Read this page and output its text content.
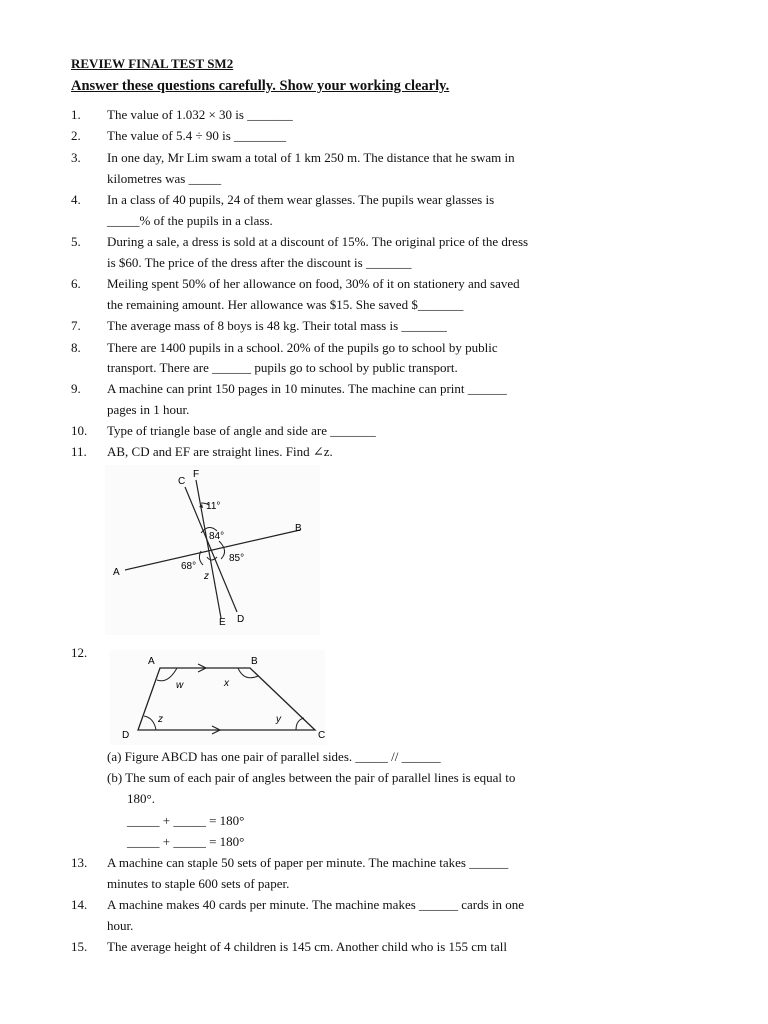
REVIEW FINAL TEST SM2
Answer these questions carefully. Show your working clearly.
1.	The value of 1.032 × 30 is _______
2.	The value of 5.4 ÷ 90 is ________
3.	In one day, Mr Lim swam a total of 1 km 250 m. The distance that he swam in
kilometres was _____
4.	In a class of 40 pupils, 24 of them wear glasses. The pupils wear glasses is
_____% of the pupils in a class.
5.	During a sale, a dress is sold at a discount of 15%. The original price of the dress
is $60. The price of the dress after the discount is _______
6.	Meiling spent 50% of her allowance on food, 30% of it on stationery and saved
the remaining amount. Her allowance was $15. She saved $_______
7.	The average mass of 8 boys is 48 kg. Their total mass is _______
8.	There are 1400 pupils in a school. 20% of the pupils go to school by public
transport. There are ______ pupils go to school by public transport.
9.	A machine can print 150 pages in 10 minutes. The machine can print ______
pages in 1 hour.
10.	Type of triangle base of angle and side are _______
11.	AB, CD and EF are straight lines. Find ∠z.
C
F
B
A
E D
11°
84°
85°
68°
z
12.
A	B
C
D
w	x
z	y
(a) Figure ABCD has one pair of parallel sides. _____ // ______
(b) The sum of each pair of angles between the pair of parallel lines is equal to
180°.
_____ + _____ = 180°
_____ + _____ = 180°
13.	A machine can staple 50 sets of paper per minute. The machine takes ______
minutes to staple 600 sets of paper.
14.	A machine makes 40 cards per minute. The machine makes ______ cards in one
hour.
15.	The average height of 4 children is 145 cm. Another child who is 155 cm tall
